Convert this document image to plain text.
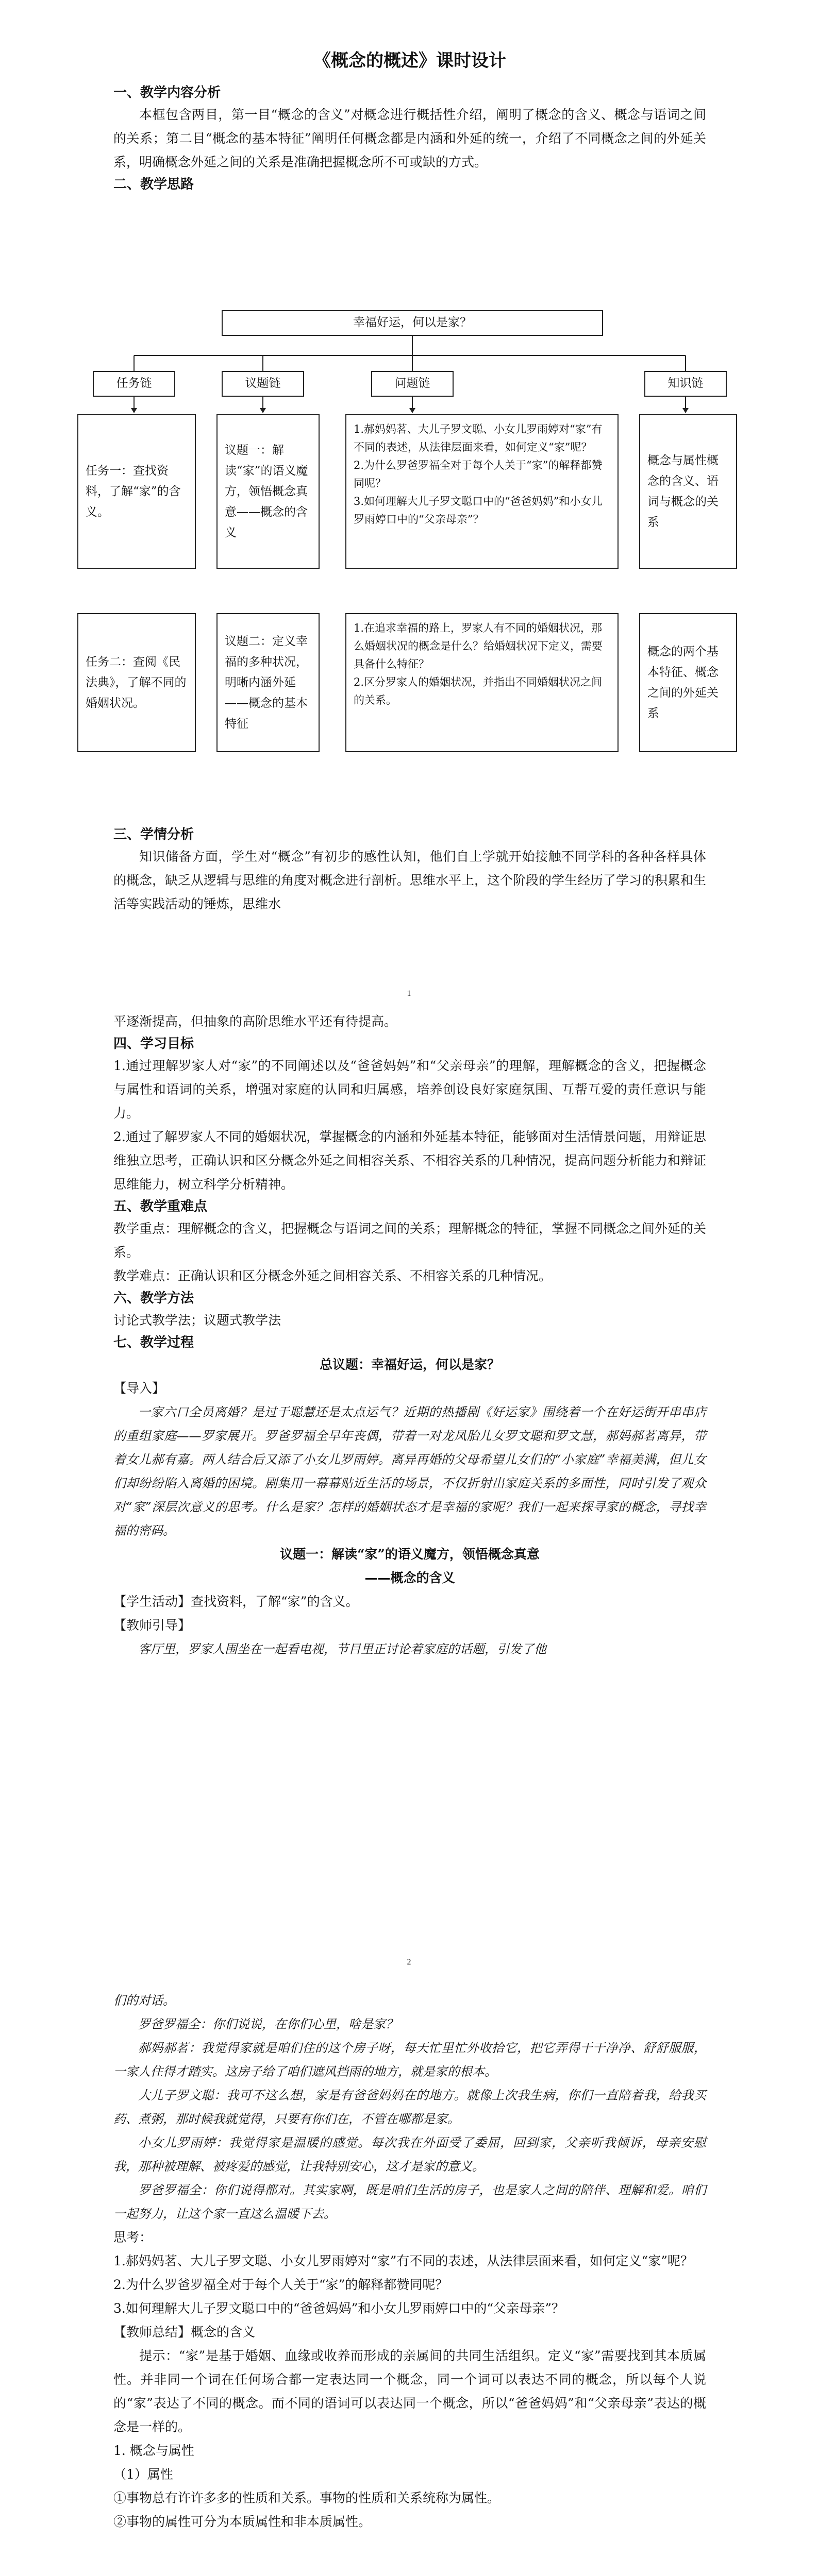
《概念的概述》课时设计

一、教学内容分析

本框包含两目，第一目“概念的含义”对概念进行概括性介绍，阐明了概念的含义、概念与语词之间的关系；第二目“概念的基本特征”阐明任何概念都是内涵和外延的统一，介绍了不同概念之间的外延关系，明确概念外延之间的关系是准确把握概念所不可或缺的方式。

二、教学思路

幸福好运，何以是家？
任务链	议题链	问题链	知识链
任务一：查找资料，了解“家”的含义。
议题一：解读“家”的语义魔方，领悟概念真意——概念的含义
1.郝妈妈茗、大儿子罗文聪、小女儿罗雨婷对“家”有不同的表述，从法律层面来看，如何定义“家”呢？
2.为什么罗爸罗福全对于每个人关于“家”的解释都赞同呢？
3.如何理解大儿子罗文聪口中的“爸爸妈妈”和小女儿罗雨婷口中的“父亲母亲”？
概念与属性概念的含义、语词与概念的关系
任务二：查阅《民法典》，了解不同的婚姻状况。
议题二：定义幸福的多种状况，明晰内涵外延——概念的基本特征
1.在追求幸福的路上，罗家人有不同的婚姻状况，那么婚姻状况的概念是什么？给婚姻状况下定义，需要具备什么特征？
2.区分罗家人的婚姻状况，并指出不同婚姻状况之间的关系。
概念的两个基本特征、概念之间的外延关系

三、学情分析

知识储备方面，学生对“概念”有初步的感性认知，他们自上学就开始接触不同学科的各种各样具体的概念，缺乏从逻辑与思维的角度对概念进行剖析。思维水平上，这个阶段的学生经历了学习的积累和生活等实践活动的锤炼，思维水

1

平逐渐提高，但抽象的高阶思维水平还有待提高。

四、学习目标

1.通过理解罗家人对“家”的不同阐述以及“爸爸妈妈”和“父亲母亲”的理解，理解概念的含义，把握概念与属性和语词的关系，增强对家庭的认同和归属感，培养创设良好家庭氛围、互帮互爱的责任意识与能力。

2.通过了解罗家人不同的婚姻状况，掌握概念的内涵和外延基本特征，能够面对生活情景问题，用辩证思维独立思考，正确认识和区分概念外延之间相容关系、不相容关系的几种情况，提高问题分析能力和辩证思维能力，树立科学分析精神。

五、教学重难点

教学重点：理解概念的含义，把握概念与语词之间的关系；理解概念的特征，掌握不同概念之间外延的关系。

教学难点：正确认识和区分概念外延之间相容关系、不相容关系的几种情况。

六、教学方法

讨论式教学法；议题式教学法

七、教学过程

总议题：幸福好运，何以是家？

【导入】

一家六口全员离婚？是过于聪慧还是太点运气？近期的热播剧《好运家》围绕着一个在好运街开串串店的重组家庭——罗家展开。罗爸罗福全早年丧偶，带着一对龙凤胎儿女罗文聪和罗文慧，郝妈郝茗离异，带着女儿郝有嘉。两人结合后又添了小女儿罗雨婷。离异再婚的父母希望儿女们的“小家庭”幸福美满，但儿女们却纷纷陷入离婚的困境。剧集用一幕幕贴近生活的场景，不仅折射出家庭关系的多面性，同时引发了观众对“家”深层次意义的思考。什么是家？怎样的婚姻状态才是幸福的家呢？我们一起来探寻家的概念，寻找幸福的密码。

议题一：解读“家”的语义魔方，领悟概念真意

——概念的含义

【学生活动】查找资料，了解“家”的含义。

【教师引导】

客厅里，罗家人围坐在一起看电视，节目里正讨论着家庭的话题，引发了他

2

们的对话。

罗爸罗福全：你们说说，在你们心里，啥是家？

郝妈郝茗：我觉得家就是咱们住的这个房子呀，每天忙里忙外收拾它，把它弄得干干净净、舒舒服服，一家人住得才踏实。这房子给了咱们遮风挡雨的地方，就是家的根本。

大儿子罗文聪：我可不这么想，家是有爸爸妈妈在的地方。就像上次我生病，你们一直陪着我，给我买药、煮粥，那时候我就觉得，只要有你们在，不管在哪都是家。

小女儿罗雨婷：我觉得家是温暖的感觉。每次我在外面受了委屈，回到家，父亲听我倾诉，母亲安慰我，那种被理解、被疼爱的感觉，让我特别安心，这才是家的意义。

罗爸罗福全：你们说得都对。其实家啊，既是咱们生活的房子，也是家人之间的陪伴、理解和爱。咱们一起努力，让这个家一直这么温暖下去。

思考：

1.郝妈妈茗、大儿子罗文聪、小女儿罗雨婷对“家”有不同的表述，从法律层面来看，如何定义“家”呢？

2.为什么罗爸罗福全对于每个人关于“家”的解释都赞同呢？

3.如何理解大儿子罗文聪口中的“爸爸妈妈”和小女儿罗雨婷口中的“父亲母亲”？

【教师总结】概念的含义

提示：“家”是基于婚姻、血缘或收养而形成的亲属间的共同生活组织。定义“家”需要找到其本质属性。并非同一个词在任何场合都一定表达同一个概念，同一个词可以表达不同的概念，所以每个人说的“家”表达了不同的概念。而不同的语词可以表达同一个概念，所以“爸爸妈妈”和“父亲母亲”表达的概念是一样的。

1. 概念与属性

（1）属性

①事物总有许许多多的性质和关系。事物的性质和关系统称为属性。

②事物的属性可分为本质属性和非本质属性。
